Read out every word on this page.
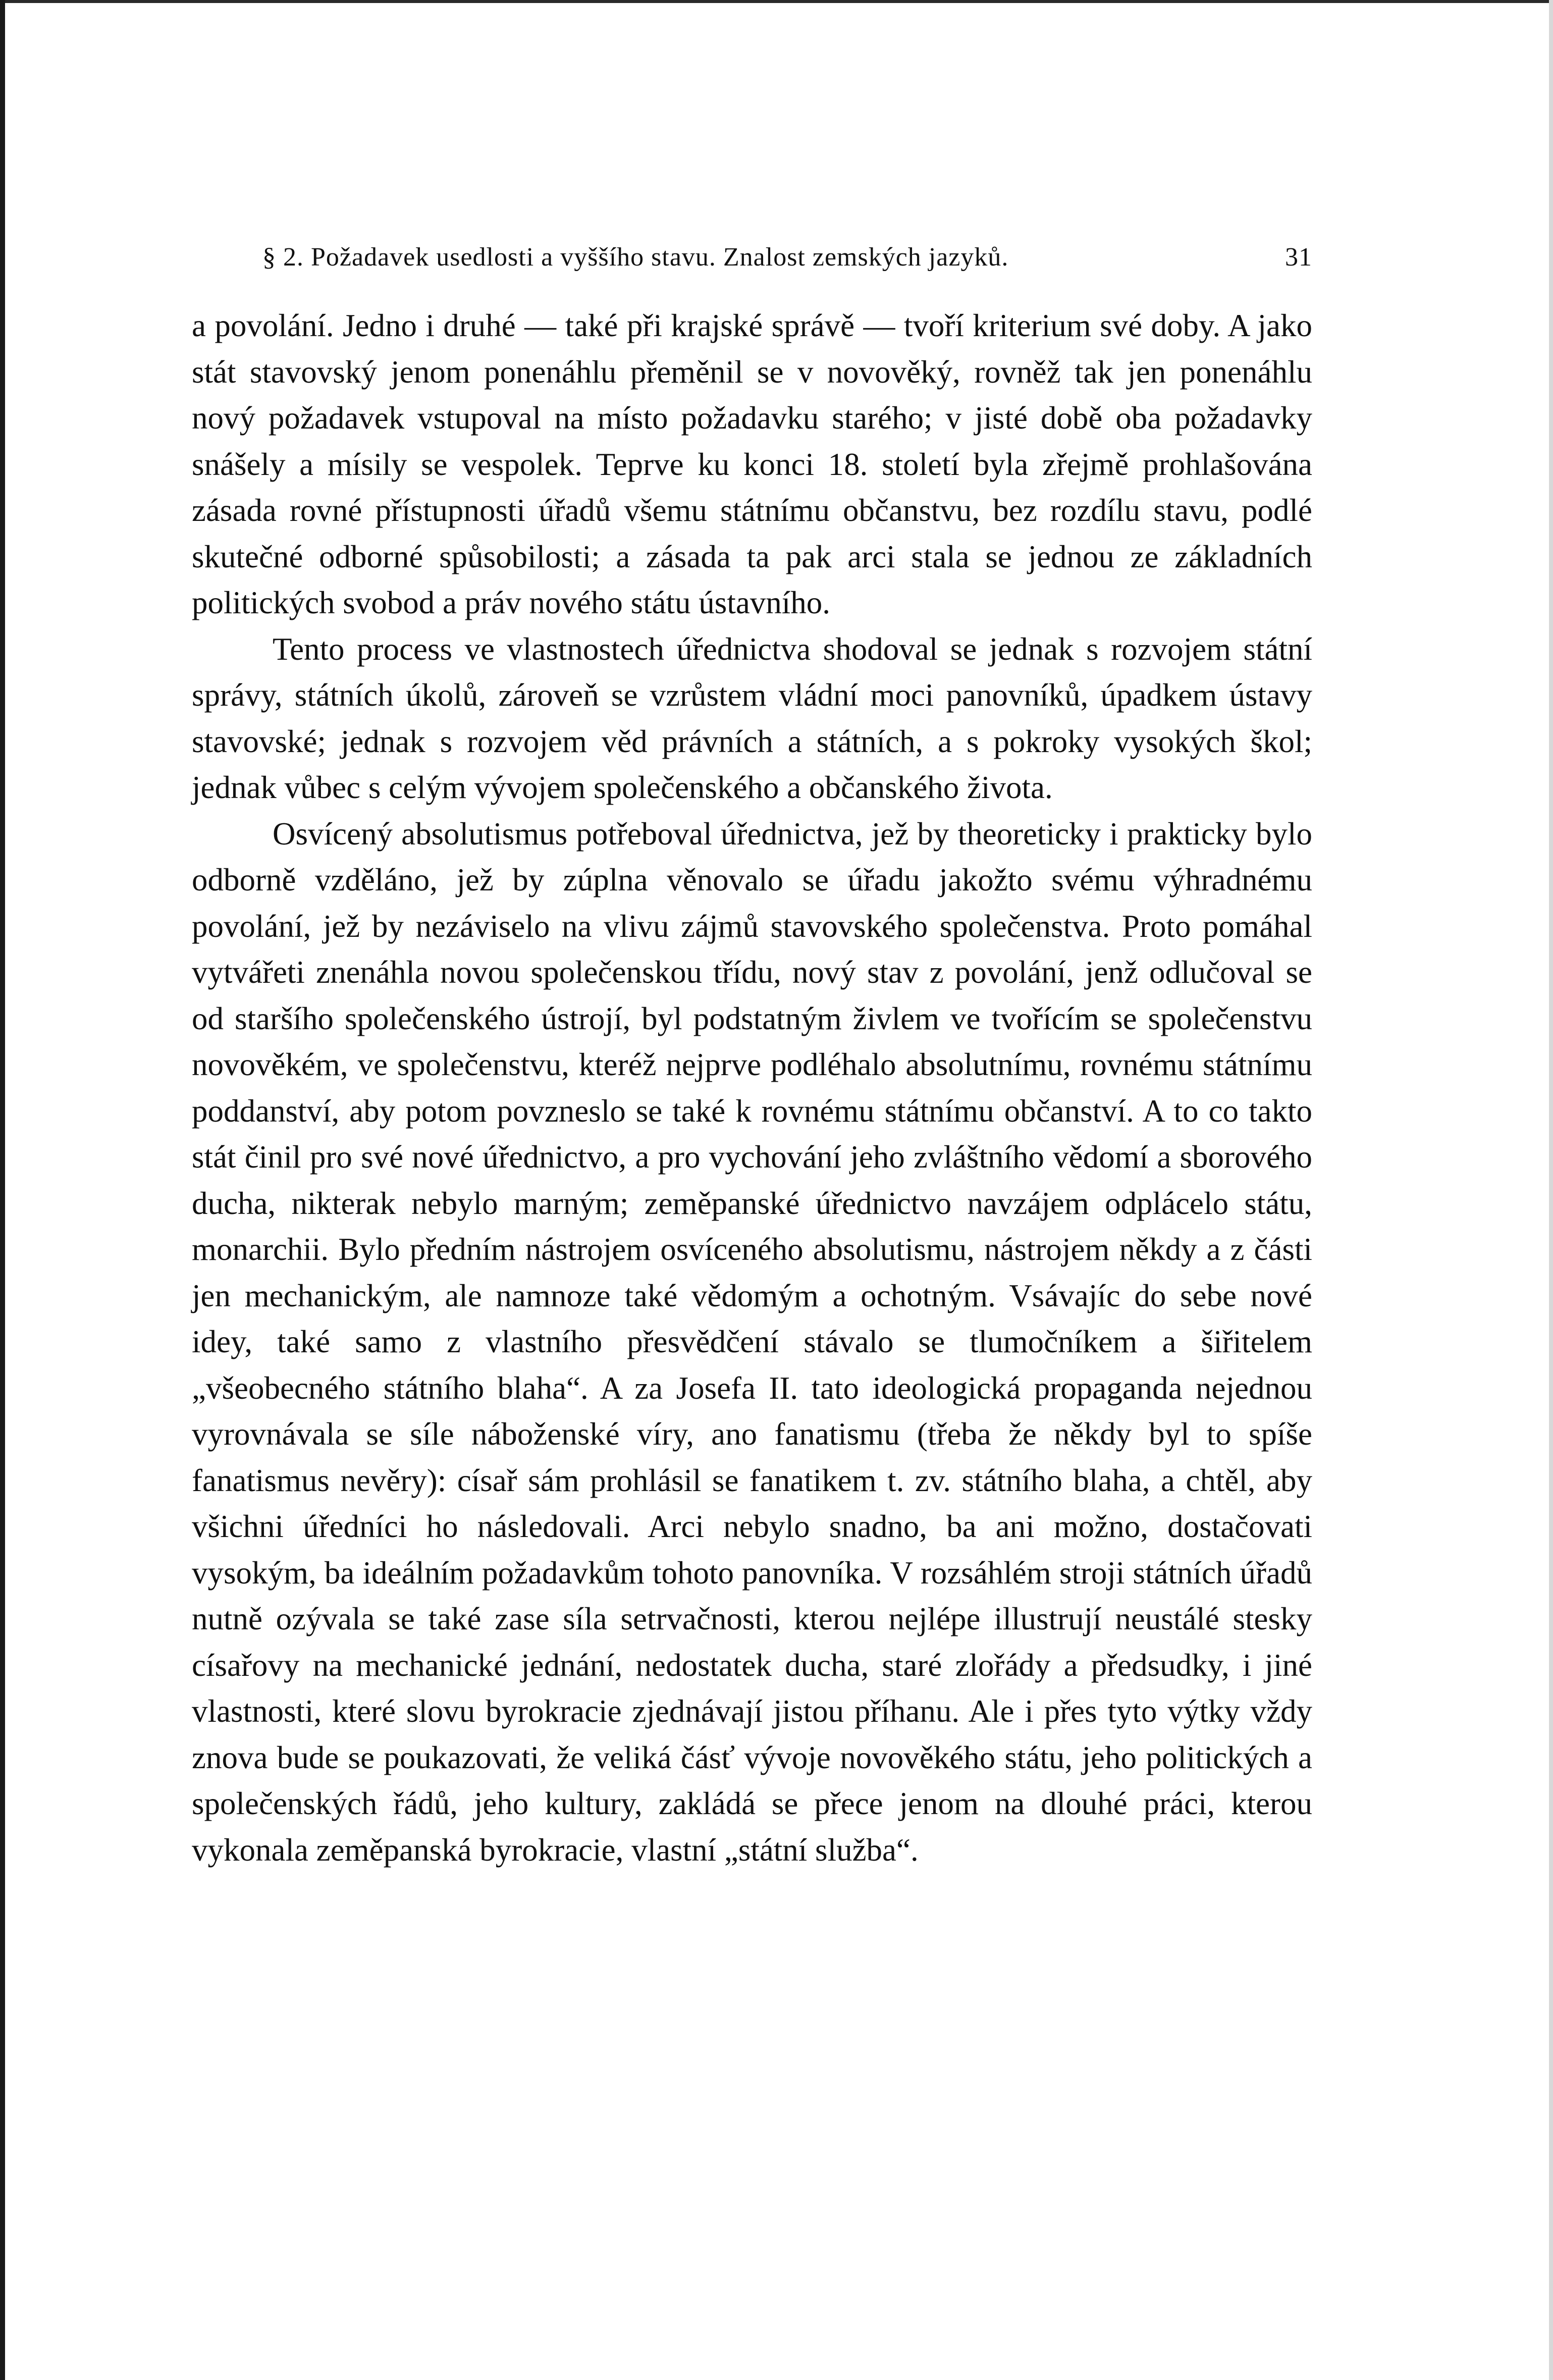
§ 2. Požadavek usedlosti a vyššího stavu. Znalost zemských jazyků.	31

a povolání. Jedno i druhé — také při krajské správě — tvoří kriterium své doby. A jako stát stavovský jenom ponenáhlu přeměnil se v novověký, rovněž tak jen ponenáhlu nový požadavek vstupoval na místo požadavku starého; v jisté době oba požadavky snášely a mísily se vespolek. Teprve ku konci 18. století byla zřejmě prohlašována zásada rovné přístupnosti úřadů všemu státnímu občanstvu, bez rozdílu stavu, podlé skutečné odborné spůsobilosti; a zásada ta pak arci stala se jednou ze základních politických svobod a práv nového státu ústavního.

Tento process ve vlastnostech úřednictva shodoval se jednak s rozvojem státní správy, státních úkolů, zároveň se vzrůstem vládní moci panovníků, úpadkem ústavy stavovské; jednak s rozvojem věd právních a státních, a s pokroky vysokých škol; jednak vůbec s celým vývojem společenského a občanského života.

Osvícený absolutismus potřeboval úřednictva, jež by theoreticky i prakticky bylo odborně vzděláno, jež by zúplna věnovalo se úřadu jakožto svému výhradnému povolání, jež by nezáviselo na vlivu zájmů stavovského společenstva. Proto pomáhal vytvářeti znenáhla novou společenskou třídu, nový stav z povolání, jenž odlučoval se od staršího společenského ústrojí, byl podstatným živlem ve tvořícím se společenstvu novověkém, ve společenstvu, kteréž nejprve podléhalo absolutnímu, rovnému státnímu poddanství, aby potom povzneslo se také k rovnému státnímu občanství. A to co takto stát činil pro své nové úřednictvo, a pro vychování jeho zvláštního vědomí a sborového ducha, nikterak nebylo marným; zeměpanské úřednictvo navzájem odplácelo státu, monarchii. Bylo předním nástrojem osvíceného absolutismu, nástrojem někdy a z části jen mechanickým, ale namnoze také vědomým a ochotným. Vsávajíc do sebe nové idey, také samo z vlastního přesvědčení stávalo se tlumočníkem a šiřitelem „všeobecného státního blaha“. A za Josefa II. tato ideologická propaganda nejednou vyrovnávala se síle náboženské víry, ano fanatismu (třeba že někdy byl to spíše fanatismus nevěry): císař sám prohlásil se fanatikem t. zv. státního blaha, a chtěl, aby všichni úředníci ho následovali. Arci nebylo snadno, ba ani možno, dostačovati vysokým, ba ideálním požadavkům tohoto panovníka. V rozsáhlém stroji státních úřadů nutně ozývala se také zase síla setrvačnosti, kterou nejlépe illustrují neustálé stesky císařovy na mechanické jednání, nedostatek ducha, staré zlořády a předsudky, i jiné vlastnosti, které slovu byrokracie zjednávají jistou příhanu. Ale i přes tyto výtky vždy znova bude se poukazovati, že veliká čásť vývoje novověkého státu, jeho politických a společenských řádů, jeho kultury, zakládá se přece jenom na dlouhé práci, kterou vykonala zeměpanská byrokracie, vlastní „státní služba“.
